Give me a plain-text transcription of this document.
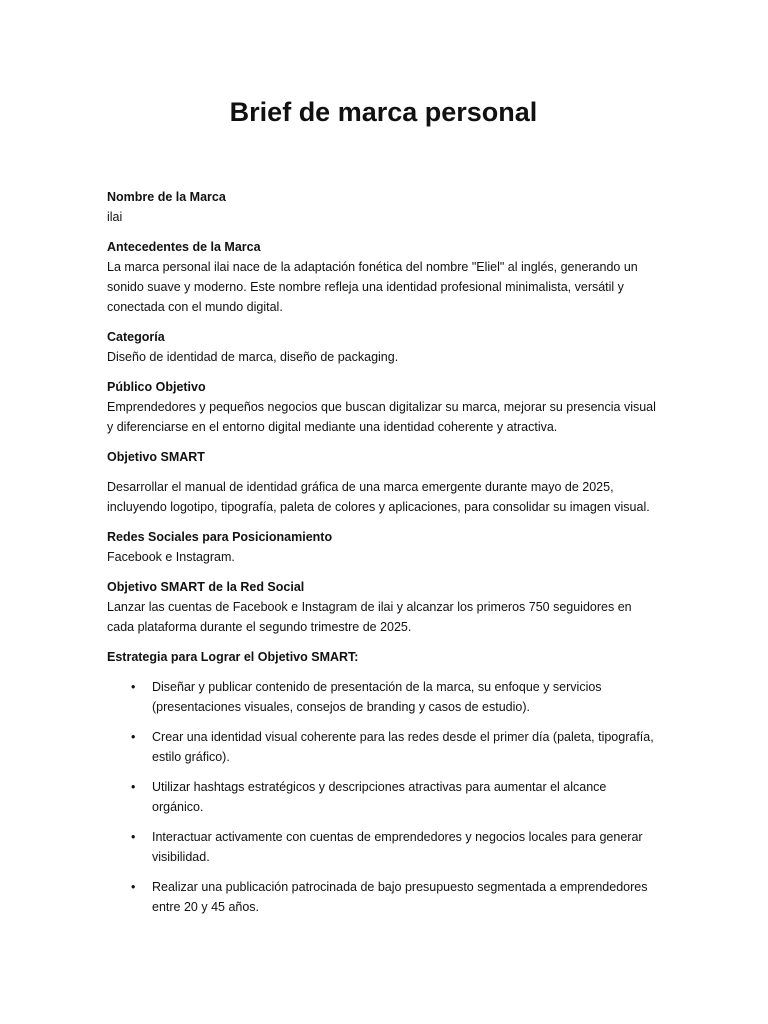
Brief de marca personal
Nombre de la Marca
ilai
Antecedentes de la Marca
La marca personal ilai nace de la adaptación fonética del nombre "Eliel" al inglés, generando un sonido suave y moderno. Este nombre refleja una identidad profesional minimalista, versátil y conectada con el mundo digital.
Categoría
Diseño de identidad de marca, diseño de packaging.
Público Objetivo
Emprendedores y pequeños negocios que buscan digitalizar su marca, mejorar su presencia visual y diferenciarse en el entorno digital mediante una identidad coherente y atractiva.
Objetivo SMART
Desarrollar el manual de identidad gráfica de una marca emergente durante mayo de 2025, incluyendo logotipo, tipografía, paleta de colores y aplicaciones, para consolidar su imagen visual.
Redes Sociales para Posicionamiento
Facebook e Instagram.
Objetivo SMART de la Red Social
Lanzar las cuentas de Facebook e Instagram de ilai y alcanzar los primeros 750 seguidores en cada plataforma durante el segundo trimestre de 2025.
Estrategia para Lograr el Objetivo SMART:
• Diseñar y publicar contenido de presentación de la marca, su enfoque y servicios (presentaciones visuales, consejos de branding y casos de estudio).
• Crear una identidad visual coherente para las redes desde el primer día (paleta, tipografía, estilo gráfico).
• Utilizar hashtags estratégicos y descripciones atractivas para aumentar el alcance orgánico.
• Interactuar activamente con cuentas de emprendedores y negocios locales para generar visibilidad.
• Realizar una publicación patrocinada de bajo presupuesto segmentada a emprendedores entre 20 y 45 años.
